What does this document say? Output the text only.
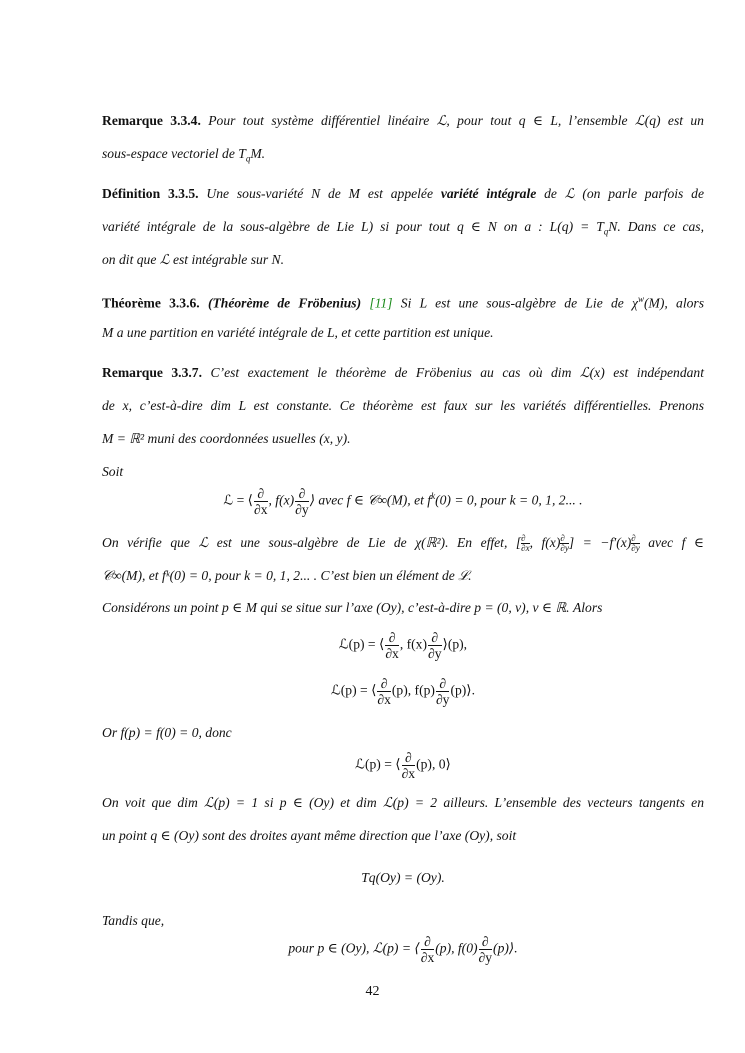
Remarque 3.3.4. Pour tout système différentiel linéaire ℒ, pour tout q ∈ L, l’ensemble ℒ(q) est un
sous-espace vectoriel de $T_qM$.
Définition 3.3.5. Une sous-variété N de M est appelée variété intégrale de ℒ (on parle parfois de
variété intégrale de la sous-algèbre de Lie L) si pour tout q ∈ N on a : $L(q) = T_qN$. Dans ce cas,
on dit que ℒ est intégrable sur N.
Théorème 3.3.6. (Théorème de Fröbenius) [11] Si L est une sous-algèbre de Lie de $\chi^w(M)$, alors
M a une partition en variété intégrale de L, et cette partition est unique.
Remarque 3.3.7. C’est exactement le théorème de Fröbenius au cas où dim ℒ(x) est indépendant
de x, c’est-à-dire dim L est constante. Ce théorème est faux sur les variétés différentielles. Prenons
M = ℝ² muni des coordonnées usuelles (x, y).
Soit
ℒ = ⟨ $\frac{\partial}{\partial x}$ , $f(x) \frac{\partial}{\partial y}$ ⟩ avec f ∈ 𝒞∞(M), et $f^k(0) = 0$, pour k = 0, 1, 2... .
On vérifie que ℒ est une sous-algèbre de Lie de χ(ℝ²). En effet, [ ∂
∂x , f(x) ∂
∂y ] = −f′(x) ∂
∂y avec f ∈
𝒞∞(M), et fᵏ(0) = 0, pour k = 0, 1, 2... . C’est bien un élément de ℒ.
Considérons un point p ∈ M qui se situe sur l’axe (Oy), c’est-à-dire p = (0, ν), ν ∈ ℝ. Alors
ℒ(p) = ⟨ $\frac{\partial}{\partial x}$ , $f(x) \frac{\partial}{\partial y}$ ⟩(p),
ℒ(p) = ⟨ $\frac{\partial}{\partial x} (p)$, $f(p) \frac{\partial}{\partial y}$ (p)⟩.
Or f(p) = f(0) = 0, donc
ℒ(p) = ⟨ $\frac{\partial}{\partial x} (p)$, 0⟩
On voit que dim ℒ(p) = 1 si p ∈ (Oy) et dim ℒ(p) = 2 ailleurs. L’ensemble des vecteurs tangents en
un point q ∈ (Oy) sont des droites ayant même direction que l’axe (Oy), soit
Tq(Oy) = (Oy).
Tandis que,
pour p ∈ (Oy), ℒ(p) = ⟨ $\frac{\partial}{\partial x} (p)$, $f(0) \frac{\partial}{\partial y}$ (p)⟩.
42
